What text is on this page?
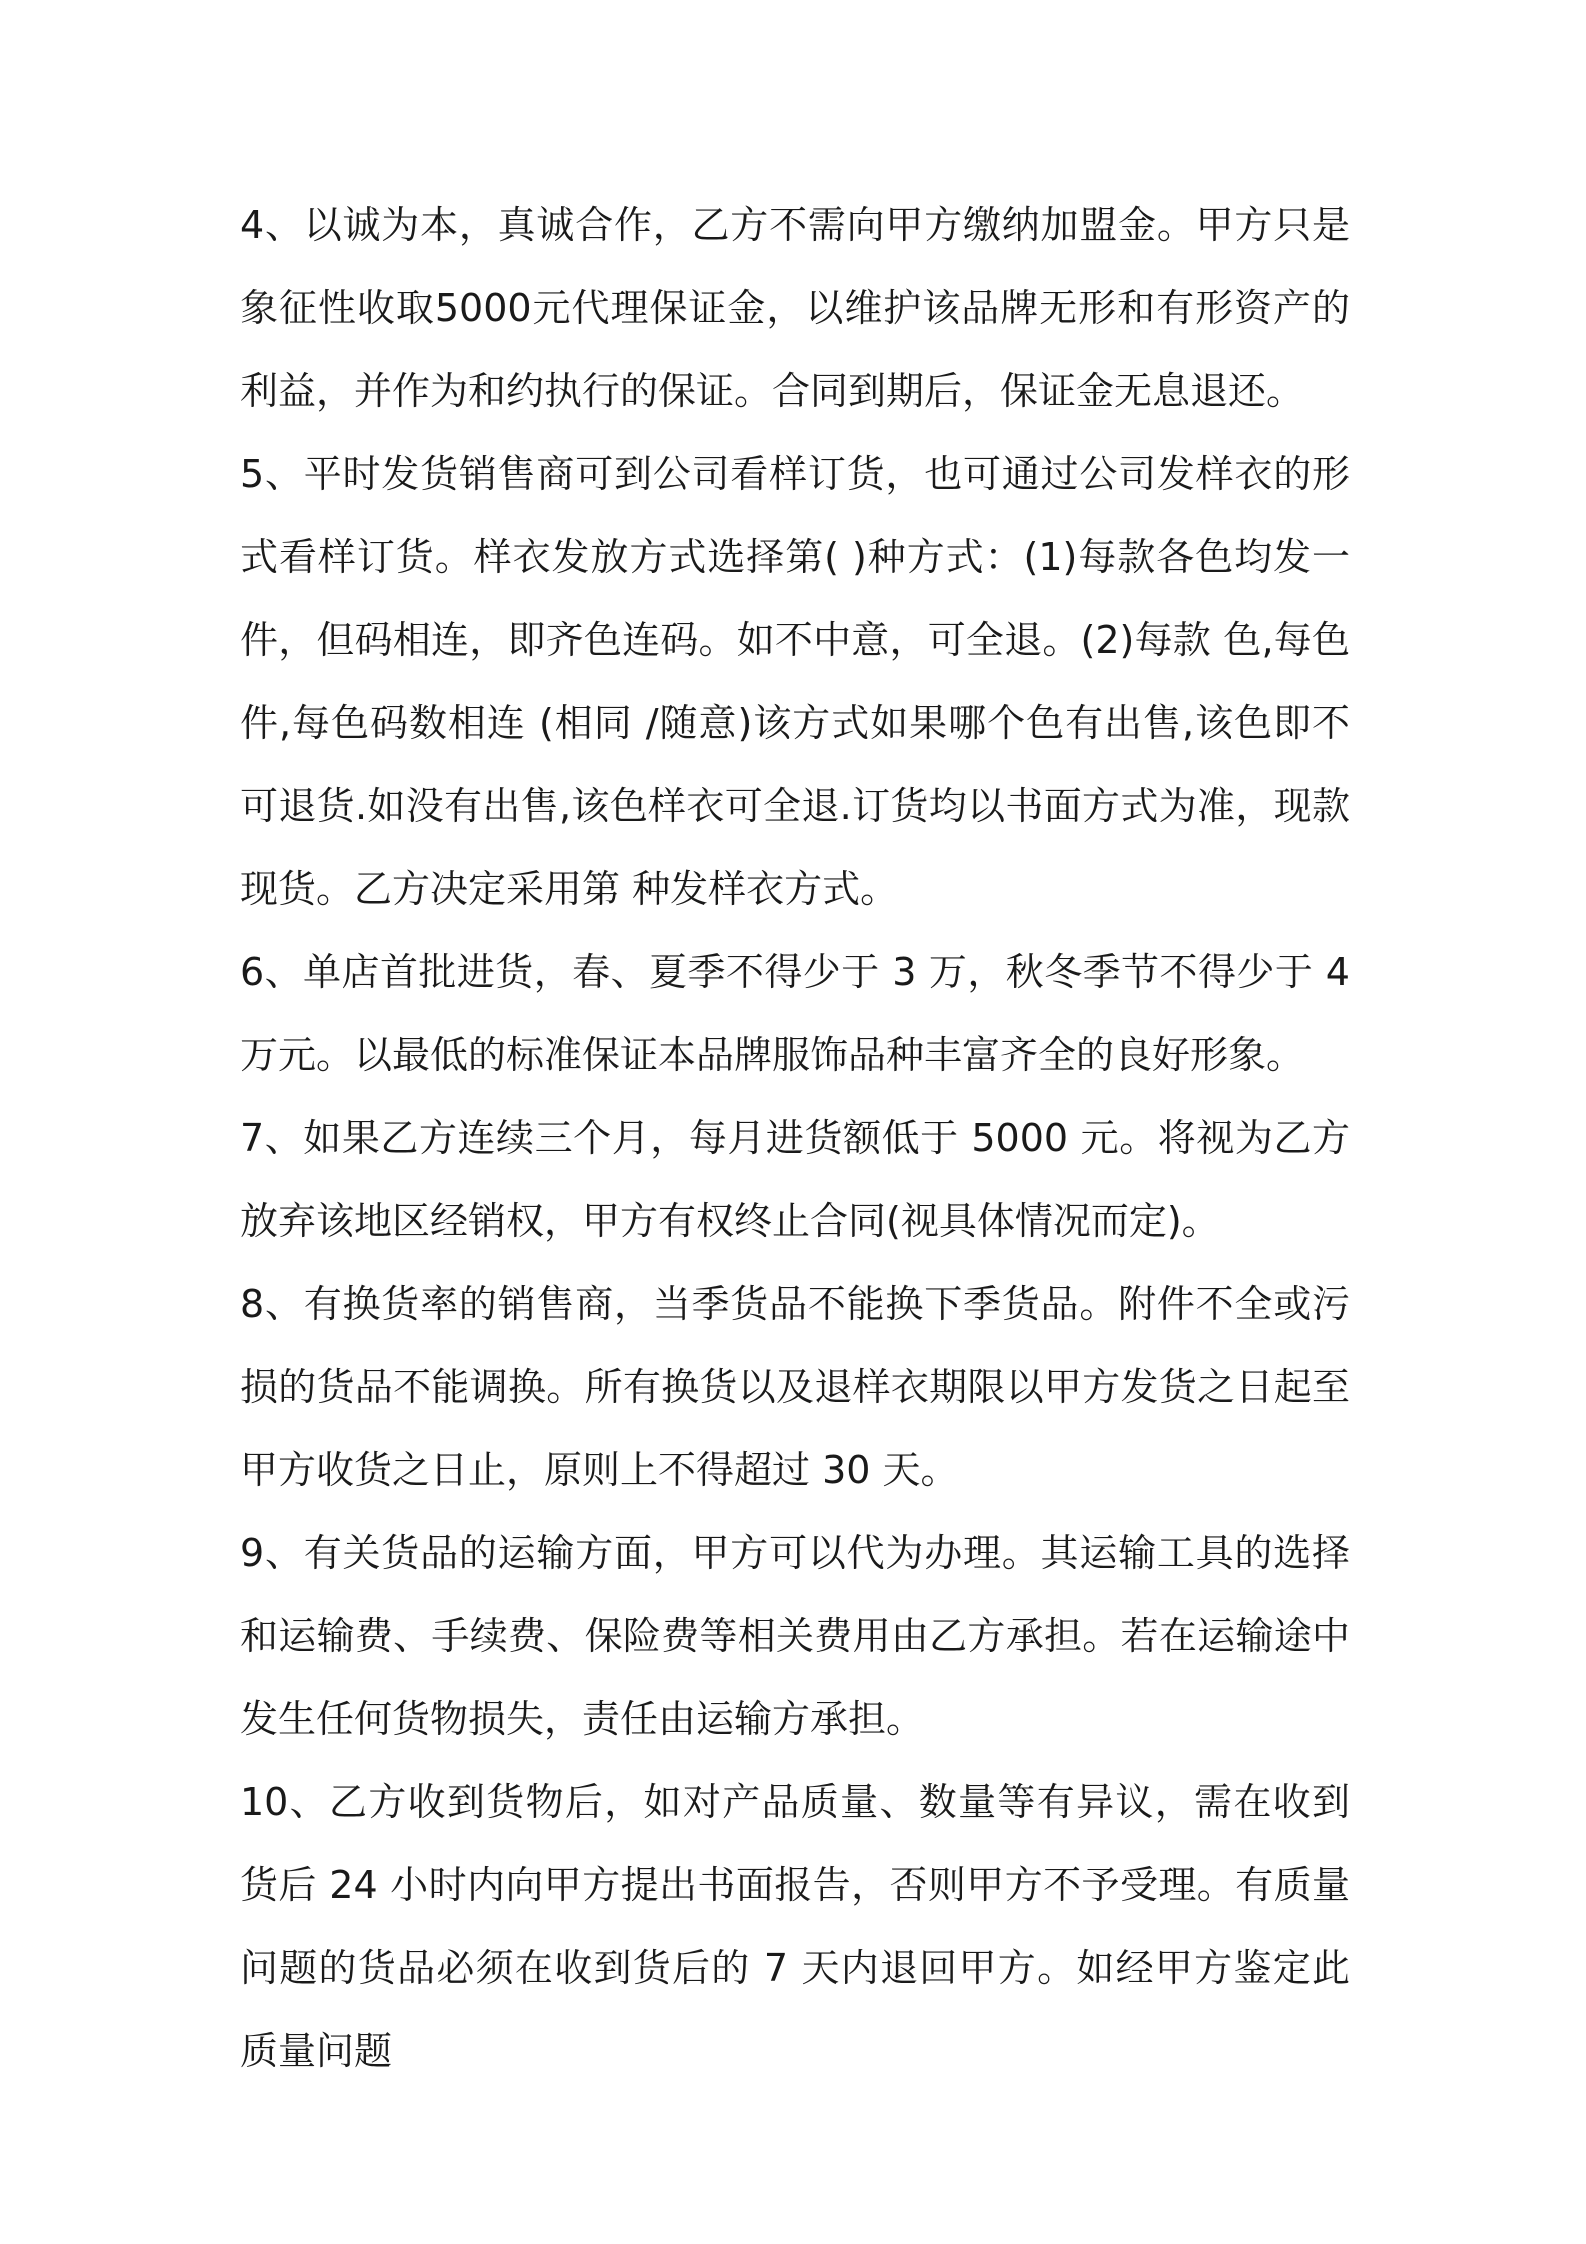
4、以诚为本，真诚合作，乙方不需向甲方缴纳加盟金。甲方只是象征性收取5000元代理保证金，以维护该品牌无形和有形资产的利益，并作为和约执行的保证。合同到期后，保证金无息退还。

5、平时发货销售商可到公司看样订货，也可通过公司发样衣的形式看样订货。样衣发放方式选择第( )种方式：(1)每款各色均发一件，但码相连，即齐色连码。如不中意，可全退。(2)每款 色,每色 件,每色码数相连 (相同 /随意)该方式如果哪个色有出售,该色即不可退货.如没有出售,该色样衣可全退.订货均以书面方式为准，现款现货。乙方决定采用第 种发样衣方式。

6、单店首批进货，春、夏季不得少于 3 万，秋冬季节不得少于 4 万元。以最低的标准保证本品牌服饰品种丰富齐全的良好形象。

7、如果乙方连续三个月，每月进货额低于 5000 元。将视为乙方放弃该地区经销权，甲方有权终止合同(视具体情况而定)。

8、有换货率的销售商，当季货品不能换下季货品。附件不全或污损的货品不能调换。所有换货以及退样衣期限以甲方发货之日起至甲方收货之日止，原则上不得超过 30 天。

9、有关货品的运输方面，甲方可以代为办理。其运输工具的选择和运输费、手续费、保险费等相关费用由乙方承担。若在运输途中发生任何货物损失，责任由运输方承担。

10、乙方收到货物后，如对产品质量、数量等有异议，需在收到货后 24 小时内向甲方提出书面报告，否则甲方不予受理。有质量问题的货品必须在收到货后的 7 天内退回甲方。如经甲方鉴定此质量问题
